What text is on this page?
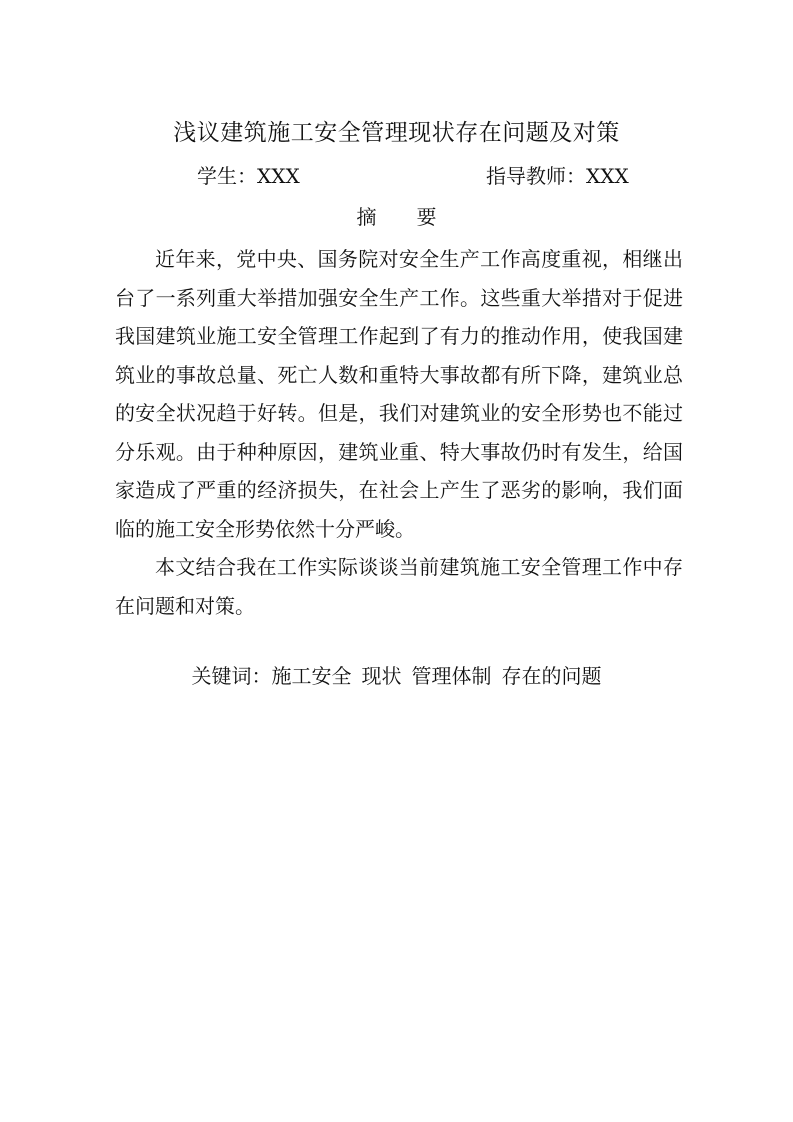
浅议建筑施工安全管理现状存在问题及对策
学生：XXX	指导教师：XXX
摘 要

近年来，党中央、国务院对安全生产工作高度重视，相继出台了一系列重大举措加强安全生产工作。这些重大举措对于促进我国建筑业施工安全管理工作起到了有力的推动作用，使我国建筑业的事故总量、死亡人数和重特大事故都有所下降，建筑业总的安全状况趋于好转。但是，我们对建筑业的安全形势也不能过分乐观。由于种种原因，建筑业重、特大事故仍时有发生，给国家造成了严重的经济损失，在社会上产生了恶劣的影响，我们面临的施工安全形势依然十分严峻。

本文结合我在工作实际谈谈当前建筑施工安全管理工作中存在问题和对策。

关键词：施工安全 现状 管理体制 存在的问题
